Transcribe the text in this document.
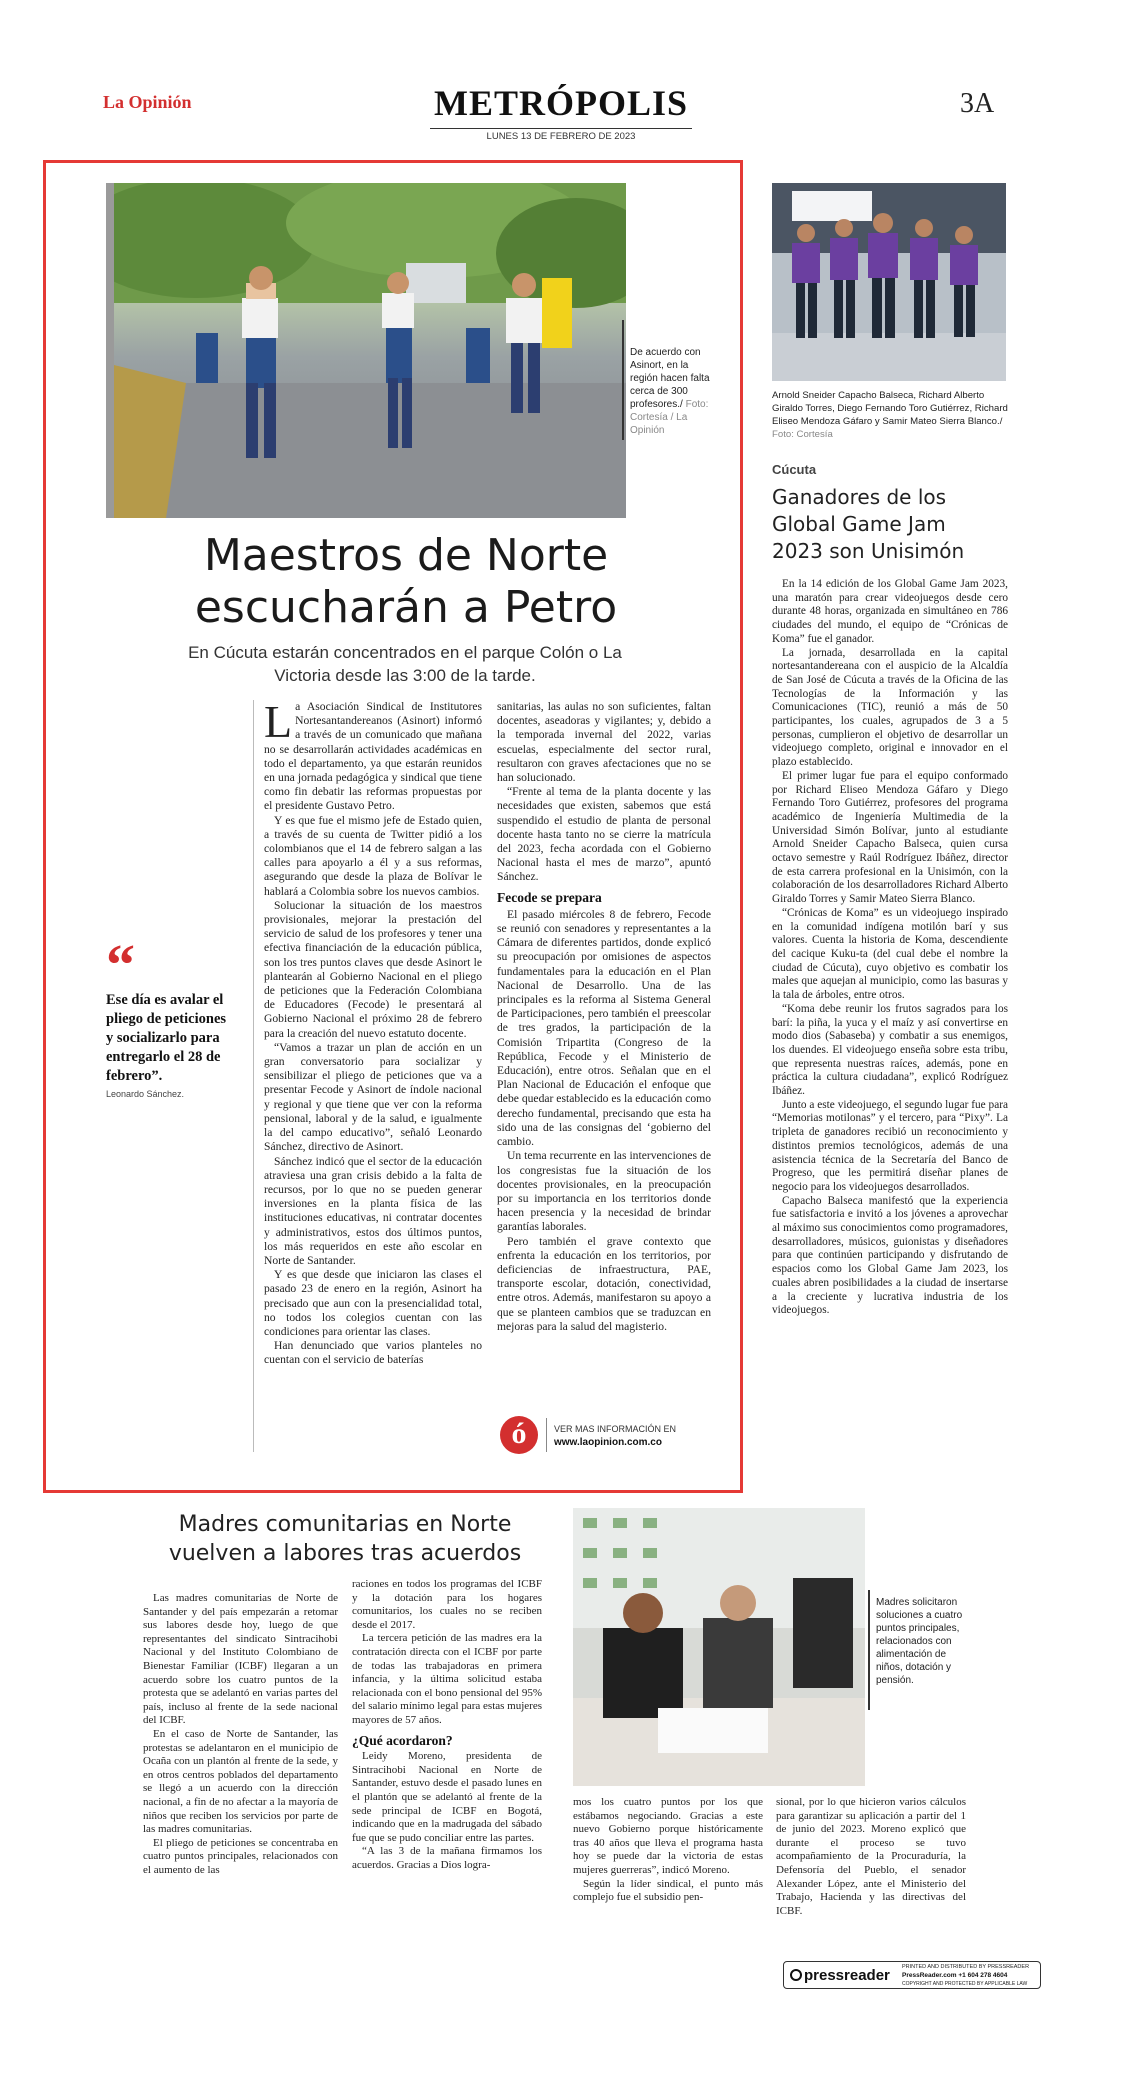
La Opinión	METRÓPOLIS
LUNES 13 DE FEBRERO DE 2023
3A
De acuerdo con Asinort, en la región hacen falta cerca de 300 profesores./ Foto: Cortesía / La Opinión
Maestros de Norte
escucharán a Petro
En Cúcuta estarán concentrados en el parque Colón o La Victoria desde las 3:00 de la tarde.
“
Ese día es avalar el pliego de peticiones y socializarlo para entregarlo el 28 de febrero”.
Leonardo Sánchez.

La Asociación Sindical de Institutores Nortesantandereanos (Asinort) informó a través de un comunicado que mañana no se desarrollarán actividades académicas en todo el departamento, ya que estarán reunidos en una jornada pedagógica y sindical que tiene como fin debatir las reformas propuestas por el presidente Gustavo Petro.

Y es que fue el mismo jefe de Estado quien, a través de su cuenta de Twitter pidió a los colombianos que el 14 de febrero salgan a las calles para apoyarlo a él y a sus reformas, asegurando que desde la plaza de Bolívar le hablará a Colombia sobre los nuevos cambios.

Solucionar la situación de los maestros provisionales, mejorar la prestación del servicio de salud de los profesores y tener una efectiva financiación de la educación pública, son los tres puntos claves que desde Asinort le plantearán al Gobierno Nacional en el pliego de peticiones que la Federación Colombiana de Educadores (Fecode) le presentará al Gobierno Nacional el próximo 28 de febrero para la creación del nuevo estatuto docente.

“Vamos a trazar un plan de acción en un gran conversatorio para socializar y sensibilizar el pliego de peticiones que va a presentar Fecode y Asinort de índole nacional y regional y que tiene que ver con la reforma pensional, laboral y de la salud, e igualmente la del campo educativo”, señaló Leonardo Sánchez, directivo de Asinort.

Sánchez indicó que el sector de la educación atraviesa una gran crisis debido a la falta de recursos, por lo que no se pueden generar inversiones en la planta física de las instituciones educativas, ni contratar docentes y administrativos, estos dos últimos puntos, los más requeridos en este año escolar en Norte de Santander.

Y es que desde que iniciaron las clases el pasado 23 de enero en la región, Asinort ha precisado que aun con la presencialidad total, no todos los colegios cuentan con las condiciones para orientar las clases.

Han denunciado que varios planteles no cuentan con el servicio de baterías

sanitarias, las aulas no son suficientes, faltan docentes, aseadoras y vigilantes; y, debido a la temporada invernal del 2022, varias escuelas, especialmente del sector rural, resultaron con graves afectaciones que no se han solucionado.

“Frente al tema de la planta docente y las necesidades que existen, sabemos que está suspendido el estudio de planta de personal docente hasta tanto no se cierre la matrícula del 2023, fecha acordada con el Gobierno Nacional hasta el mes de marzo”, apuntó Sánchez.

Fecode se prepara

El pasado miércoles 8 de febrero, Fecode se reunió con senadores y representantes a la Cámara de diferentes partidos, donde explicó su preocupación por omisiones de aspectos fundamentales para la educación en el Plan Nacional de Desarrollo. Una de las principales es la reforma al Sistema General de Participaciones, pero también el preescolar de tres grados, la participación de la Comisión Tripartita (Congreso de la República, Fecode y el Ministerio de Educación), entre otros. Señalan que en el Plan Nacional de Educación el enfoque que debe quedar establecido es la educación como derecho fundamental, precisando que esta ha sido una de las consignas del ‘gobierno del cambio.

Un tema recurrente en las intervenciones de los congresistas fue la situación de los docentes provisionales, en la preocupación por su importancia en los territorios donde hacen presencia y la necesidad de brindar garantías laborales.

Pero también el grave contexto que enfrenta la educación en los territorios, por deficiencias de infraestructura, PAE, transporte escolar, dotación, conectividad, entre otros. Además, manifestaron su apoyo a que se planteen cambios que se traduzcan en mejoras para la salud del magisterio.

ó	VER MAS INFORMACIÓN EN
www.laopinion.com.co
Arnold Sneider Capacho Balseca, Richard Alberto Giraldo Torres, Diego Fernando Toro Gutiérrez, Richard Eliseo Mendoza Gáfaro y Samir Mateo Sierra Blanco./ Foto: Cortesía
Cúcuta
Ganadores de los Global Game Jam 2023 son Unisimón

En la 14 edición de los Global Game Jam 2023, una maratón para crear videojuegos desde cero durante 48 horas, organizada en simultáneo en 786 ciudades del mundo, el equipo de “Crónicas de Koma” fue el ganador.

La jornada, desarrollada en la capital nortesantandereana con el auspicio de la Alcaldía de San José de Cúcuta a través de la Oficina de las Tecnologías de la Información y las Comunicaciones (TIC), reunió a más de 50 participantes, los cuales, agrupados de 3 a 5 personas, cumplieron el objetivo de desarrollar un videojuego completo, original e innovador en el plazo establecido.

El primer lugar fue para el equipo conformado por Richard Eliseo Mendoza Gáfaro y Diego Fernando Toro Gutiérrez, profesores del programa académico de Ingeniería Multimedia de la Universidad Simón Bolívar, junto al estudiante Arnold Sneider Capacho Balseca, quien cursa octavo semestre y Raúl Rodríguez Ibáñez, director de esta carrera profesional en la Unisimón, con la colaboración de los desarrolladores Richard Alberto Giraldo Torres y Samir Mateo Sierra Blanco.

“Crónicas de Koma” es un videojuego inspirado en la comunidad indígena motilón barí y sus valores. Cuenta la historia de Koma, descendiente del cacique Kuku-ta (del cual debe el nombre la ciudad de Cúcuta), cuyo objetivo es combatir los males que aquejan al municipio, como las basuras y la tala de árboles, entre otros.

“Koma debe reunir los frutos sagrados para los barí: la piña, la yuca y el maíz y así convertirse en modo dios (Sabaseba) y combatir a sus enemigos, los duendes. El videojuego enseña sobre esta tribu, que representa nuestras raíces, además, pone en práctica la cultura ciudadana”, explicó Rodríguez Ibáñez.

Junto a este videojuego, el segundo lugar fue para “Memorias motilonas” y el tercero, para “Pixy”. La tripleta de ganadores recibió un reconocimiento y distintos premios tecnológicos, además de una asistencia técnica de la Secretaría del Banco de Progreso, que les permitirá diseñar planes de negocio para los videojuegos desarrollados.

Capacho Balseca manifestó que la experiencia fue satisfactoria e invitó a los jóvenes a aprovechar al máximo sus conocimientos como programadores, desarrolladores, músicos, guionistas y diseñadores para que continúen participando y disfrutando de espacios como los Global Game Jam 2023, los cuales abren posibilidades a la ciudad de insertarse a la creciente y lucrativa industria de los videojuegos.

Madres comunitarias en Norte
vuelven a labores tras acuerdos

Las madres comunitarias de Norte de Santander y del país empezarán a retomar sus labores desde hoy, luego de que representantes del sindicato Sintracihobi Nacional y del Instituto Colombiano de Bienestar Familiar (ICBF) llegaran a un acuerdo sobre los cuatro puntos de la protesta que se adelantó en varias partes del país, incluso al frente de la sede nacional del ICBF.

En el caso de Norte de Santander, las protestas se adelantaron en el municipio de Ocaña con un plantón al frente de la sede, y en otros centros poblados del departamento se llegó a un acuerdo con la dirección nacional, a fin de no afectar a la mayoría de niños que reciben los servicios por parte de las madres comunitarias.

El pliego de peticiones se concentraba en cuatro puntos principales, relacionados con el aumento de las

raciones en todos los programas del ICBF y la dotación para los hogares comunitarios, los cuales no se reciben desde el 2017.

La tercera petición de las madres era la contratación directa con el ICBF por parte de todas las trabajadoras en primera infancia, y la última solicitud estaba relacionada con el bono pensional del 95% del salario mínimo legal para estas mujeres mayores de 57 años.

¿Qué acordaron?

Leidy Moreno, presidenta de Sintracihobi Nacional en Norte de Santander, estuvo desde el pasado lunes en el plantón que se adelantó al frente de la sede principal de ICBF en Bogotá, indicando que en la madrugada del sábado fue que se pudo conciliar entre las partes.

“A las 3 de la mañana firmamos los acuerdos. Gracias a Dios logra-

Madres solicitaron soluciones a cuatro puntos principales, relacionados con alimentación de niños, dotación y pensión.

mos los cuatro puntos por los que estábamos negociando. Gracias a este nuevo Gobierno porque históricamente tras 40 años que lleva el programa hasta hoy se puede dar la victoria de estas mujeres guerreras”, indicó Moreno.

Según la líder sindical, el punto más complejo fue el subsidio pen-

sional, por lo que hicieron varios cálculos para garantizar su aplicación a partir del 1 de junio del 2023. Moreno explicó que durante el proceso se tuvo acompañamiento de la Procuraduría, la Defensoría del Pueblo, el senador Alexander López, ante el Ministerio del Trabajo, Hacienda y las directivas del ICBF.

pressreader PRINTED AND DISTRIBUTED BY PRESSREADER
PressReader.com +1 604 278 4604
COPYRIGHT AND PROTECTED BY APPLICABLE LAW
